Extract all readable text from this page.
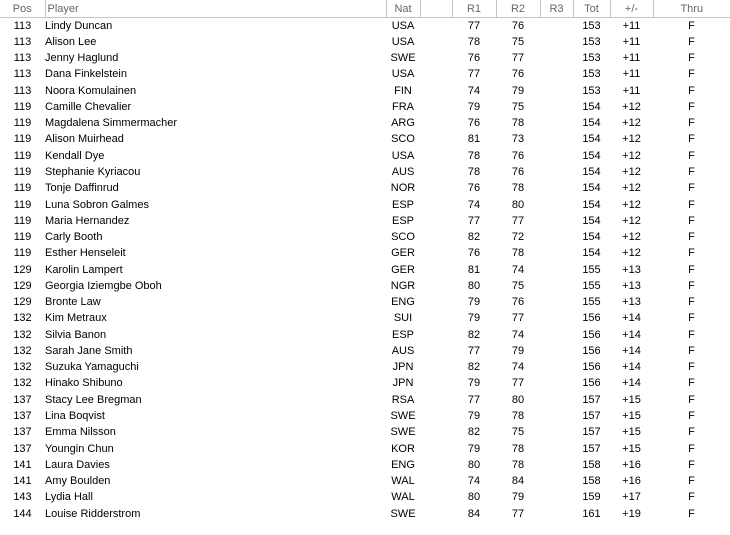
Pos	Player	Nat		R1	R2	R3	Tot	+/-	Thru
113	Lindy Duncan	USA		77	76		153	+11	F
113	Alison Lee	USA		78	75		153	+11	F
113	Jenny Haglund	SWE		76	77		153	+11	F
113	Dana Finkelstein	USA		77	76		153	+11	F
113	Noora Komulainen	FIN		74	79		153	+11	F
119	Camille Chevalier	FRA		79	75		154	+12	F
119	Magdalena Simmermacher	ARG		76	78		154	+12	F
119	Alison Muirhead	SCO		81	73		154	+12	F
119	Kendall Dye	USA		78	76		154	+12	F
119	Stephanie Kyriacou	AUS		78	76		154	+12	F
119	Tonje Daffinrud	NOR		76	78		154	+12	F
119	Luna Sobron Galmes	ESP		74	80		154	+12	F
119	Maria Hernandez	ESP		77	77		154	+12	F
119	Carly Booth	SCO		82	72		154	+12	F
119	Esther Henseleit	GER		76	78		154	+12	F
129	Karolin Lampert	GER		81	74		155	+13	F
129	Georgia Iziemgbe Oboh	NGR		80	75		155	+13	F
129	Bronte Law	ENG		79	76		155	+13	F
132	Kim Metraux	SUI		79	77		156	+14	F
132	Silvia Banon	ESP		82	74		156	+14	F
132	Sarah Jane Smith	AUS		77	79		156	+14	F
132	Suzuka Yamaguchi	JPN		82	74		156	+14	F
132	Hinako Shibuno	JPN		79	77		156	+14	F
137	Stacy Lee Bregman	RSA		77	80		157	+15	F
137	Lina Boqvist	SWE		79	78		157	+15	F
137	Emma Nilsson	SWE		82	75		157	+15	F
137	Youngin Chun	KOR		79	78		157	+15	F
141	Laura Davies	ENG		80	78		158	+16	F
141	Amy Boulden	WAL		74	84		158	+16	F
143	Lydia Hall	WAL		80	79		159	+17	F
144	Louise Ridderstrom	SWE		84	77		161	+19	F
